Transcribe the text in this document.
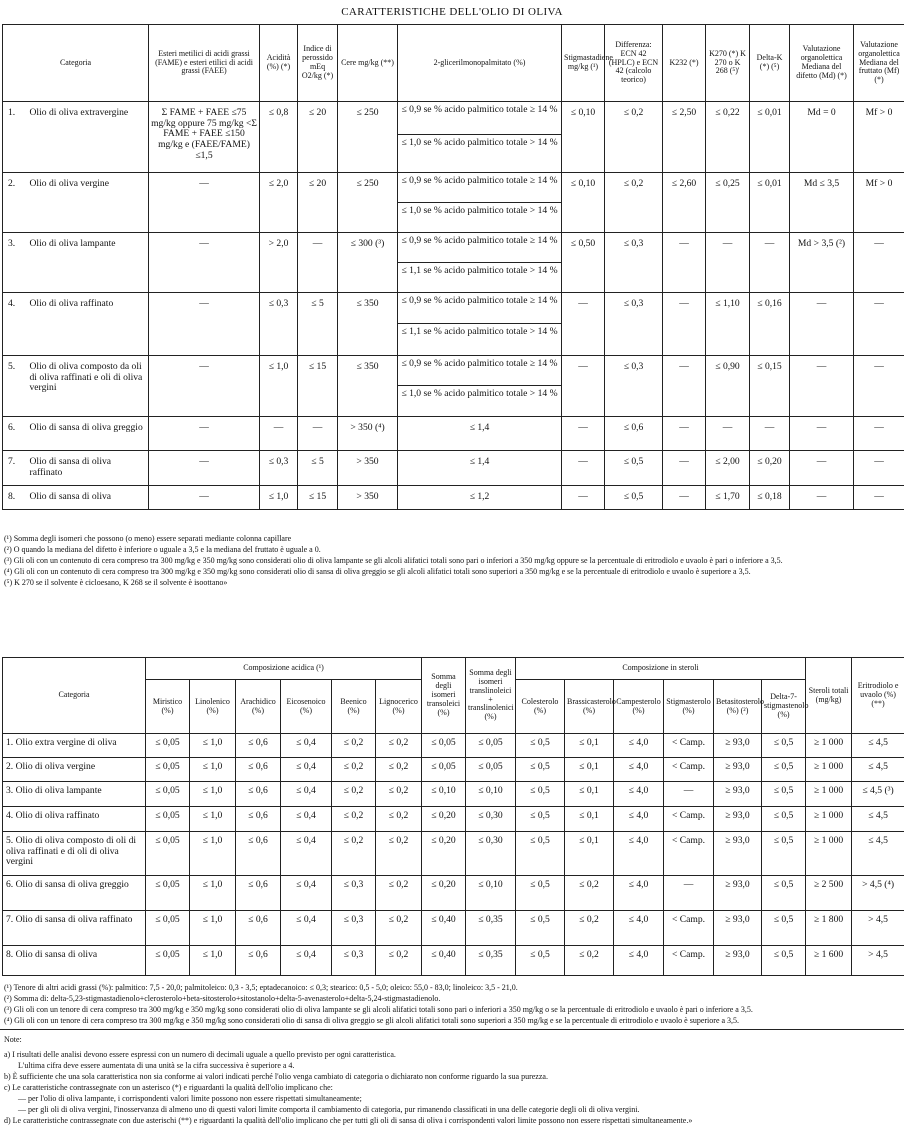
CARATTERISTICHE DELL'OLIO DI OLIVA
Categoria		Esteri metilici di acidi grassi (FAME) e esteri etilici di acidi grassi (FAEE)	Acidità (%) (*)	Indice di perossido mEq O2/kg (*)	Cere mg/kg (**)	2-glicerilmonopalmitato (%)	Stigmastadiene mg/kg (¹)	Differenza: ECN 42 (HPLC) e ECN 42 (calcolo teorico)	K232 (*)	K270 (*) K 270 o K 268 (⁵)'	Delta-K (*) (⁵)	Valutazione organolettica Mediana del difetto (Md) (*)	Valutazione organolettica Mediana del fruttato (Mf) (*)
1.	Olio di oliva extravergine	Σ FAME + FAEE ≤75 mg/kg oppure 75 mg/kg <Σ FAME + FAEE ≤150 mg/kg e (FAEE/FAME) ≤1,5	≤ 0,8	≤ 20	≤ 250	≤ 0,9 se % acido palmitico totale ≥ 14 %	≤ 0,10	≤ 0,2	≤ 2,50	≤ 0,22	≤ 0,01	Md = 0	Mf > 0
						≤ 1,0 se % acido palmitico totale > 14 %							
2.	Olio di oliva vergine	—	≤ 2,0	≤ 20	≤ 250	≤ 0,9 se % acido palmitico totale ≥ 14 %	≤ 0,10	≤ 0,2	≤ 2,60	≤ 0,25	≤ 0,01	Md ≤ 3,5	Mf > 0
						≤ 1,0 se % acido palmitico totale > 14 %							
3.	Olio di oliva lampante	—	> 2,0	—	≤ 300 (³)	≤ 0,9 se % acido palmitico totale ≥ 14 %	≤ 0,50	≤ 0,3	—	—	—	Md > 3,5 (²)	—
						≤ 1,1 se % acido palmitico totale > 14 %							
4.	Olio di oliva raffinato	—	≤ 0,3	≤ 5	≤ 350	≤ 0,9 se % acido palmitico totale ≥ 14 %	—	≤ 0,3	—	≤ 1,10	≤ 0,16	—	—
						≤ 1,1 se % acido palmitico totale > 14 %							
5.	Olio di oliva composto da oli di oliva raffinati e oli di oliva vergini	—	≤ 1,0	≤ 15	≤ 350	≤ 0,9 se % acido palmitico totale ≥ 14 %	—	≤ 0,3	—	≤ 0,90	≤ 0,15	—	—
						≤ 1,0 se % acido palmitico totale > 14 %							
6.	Olio di sansa di oliva greggio	—	—	—	> 350 (⁴)	≤ 1,4	—	≤ 0,6	—	—	—	—	—
7.	Olio di sansa di oliva raffinato	—	≤ 0,3	≤ 5	> 350	≤ 1,4	—	≤ 0,5	—	≤ 2,00	≤ 0,20	—	—
8.	Olio di sansa di oliva	—	≤ 1,0	≤ 15	> 350	≤ 1,2	—	≤ 0,5	—	≤ 1,70	≤ 0,18	—	—
(¹) Somma degli isomeri che possono (o meno) essere separati mediante colonna capillare
(²) O quando la mediana del difetto è inferiore o uguale a 3,5 e la mediana del fruttato è uguale a 0.
(³) Gli oli con un contenuto di cera compreso tra 300 mg/kg e 350 mg/kg sono considerati olio di oliva lampante se gli alcoli alifatici totali sono pari o inferiori a 350 mg/kg oppure se la percentuale di eritrodiolo e uvaolo è pari o inferiore a 3,5.
(⁴) Gli oli con un contenuto di cera compreso tra 300 mg/kg e 350 mg/kg sono considerati olio di sansa di oliva greggio se gli alcoli alifatici totali sono superiori a 350 mg/kg e se la percentuale di eritrodiolo e uvaolo è superiore a 3,5.
(⁵) K 270 se il solvente è cicloesano, K 268 se il solvente è isoottano»
Categoria	Composizione acidica (¹)						Somma degli isomeri transoleici (%)	Somma degli isomeri translinoleici + translinolenici (%)	Composizione in steroli						Steroli totali (mg/kg)	Eritrodiolo e uvaolo (%) (**)
	Miristico (%)	Linolenico (%)	Arachidico (%)	Eicosenoico (%)	Beenico (%)	Lignocerico (%)			Colesterolo (%)	Brassicasterolo (%)	Campesterolo (%)	Stigmasterolo (%)	Betasitosterolo (%) (²)	Delta-7-stigmastenolo (%)		
1. Olio extra vergine di oliva	≤ 0,05	≤ 1,0	≤ 0,6	≤ 0,4	≤ 0,2	≤ 0,2	≤ 0,05	≤ 0,05	≤ 0,5	≤ 0,1	≤ 4,0	< Camp.	≥ 93,0	≤ 0,5	≥ 1 000	≤ 4,5
2. Olio di oliva vergine	≤ 0,05	≤ 1,0	≤ 0,6	≤ 0,4	≤ 0,2	≤ 0,2	≤ 0,05	≤ 0,05	≤ 0,5	≤ 0,1	≤ 4,0	< Camp.	≥ 93,0	≤ 0,5	≥ 1 000	≤ 4,5
3. Olio di oliva lampante	≤ 0,05	≤ 1,0	≤ 0,6	≤ 0,4	≤ 0,2	≤ 0,2	≤ 0,10	≤ 0,10	≤ 0,5	≤ 0,1	≤ 4,0	—	≥ 93,0	≤ 0,5	≥ 1 000	≤ 4,5 (³)
4. Olio di oliva raffinato	≤ 0,05	≤ 1,0	≤ 0,6	≤ 0,4	≤ 0,2	≤ 0,2	≤ 0,20	≤ 0,30	≤ 0,5	≤ 0,1	≤ 4,0	< Camp.	≥ 93,0	≤ 0,5	≥ 1 000	≤ 4,5
5. Olio di oliva composto di oli di oliva raffinati e di oli di oliva vergini	≤ 0,05	≤ 1,0	≤ 0,6	≤ 0,4	≤ 0,2	≤ 0,2	≤ 0,20	≤ 0,30	≤ 0,5	≤ 0,1	≤ 4,0	< Camp.	≥ 93,0	≤ 0,5	≥ 1 000	≤ 4,5
6. Olio di sansa di oliva greggio	≤ 0,05	≤ 1,0	≤ 0,6	≤ 0,4	≤ 0,3	≤ 0,2	≤ 0,20	≤ 0,10	≤ 0,5	≤ 0,2	≤ 4,0	—	≥ 93,0	≤ 0,5	≥ 2 500	> 4,5 (⁴)
7. Olio di sansa di oliva raffinato	≤ 0,05	≤ 1,0	≤ 0,6	≤ 0,4	≤ 0,3	≤ 0,2	≤ 0,40	≤ 0,35	≤ 0,5	≤ 0,2	≤ 4,0	< Camp.	≥ 93,0	≤ 0,5	≥ 1 800	> 4,5
8. Olio di sansa di oliva	≤ 0,05	≤ 1,0	≤ 0,6	≤ 0,4	≤ 0,3	≤ 0,2	≤ 0,40	≤ 0,35	≤ 0,5	≤ 0,2	≤ 4,0	< Camp.	≥ 93,0	≤ 0,5	≥ 1 600	> 4,5
(¹) Tenore di altri acidi grassi (%): palmitico: 7,5 - 20,0; palmitoleico: 0,3 - 3,5; eptadecanoico: ≤ 0,3; stearico: 0,5 - 5,0; oleico: 55,0 - 83,0; linoleico: 3,5 - 21,0.
(²) Somma di: delta-5,23-stigmastadienolo+clerosterolo+beta-sitosterolo+sitostanolo+delta-5-avenasterolo+delta-5,24-stigmastadienolo.
(³) Gli oli con un tenore di cera compreso tra 300 mg/kg e 350 mg/kg sono considerati olio di oliva lampante se gli alcoli alifatici totali sono pari o inferiori a 350 mg/kg o se la percentuale di eritrodiolo e uvaolo è pari o inferiore a 3,5.
(⁴) Gli oli con un tenore di cera compreso tra 300 mg/kg e 350 mg/kg sono considerati olio di sansa di oliva greggio se gli alcoli alifatici totali sono superiori a 350 mg/kg e se la percentuale di eritrodiolo e uvaolo è superiore a 3,5.
Note:
a) I risultati delle analisi devono essere espressi con un numero di decimali uguale a quello previsto per ogni caratteristica.
L'ultima cifra deve essere aumentata di una unità se la cifra successiva è superiore a 4.
b) È sufficiente che una sola caratteristica non sia conforme ai valori indicati perché l'olio venga cambiato di categoria o dichiarato non conforme riguardo la sua purezza.
c) Le caratteristiche contrassegnate con un asterisco (*) e riguardanti la qualità dell'olio implicano che:
— per l'olio di oliva lampante, i corrispondenti valori limite possono non essere rispettati simultaneamente;
— per gli oli di oliva vergini, l'inosservanza di almeno uno di questi valori limite comporta il cambiamento di categoria, pur rimanendo classificati in una delle categorie degli oli di oliva vergini.
d) Le caratteristiche contrassegnate con due asterischi (**) e riguardanti la qualità dell'olio implicano che per tutti gli oli di sansa di oliva i corrispondenti valori limite possono non essere rispettati simultaneamente.»
